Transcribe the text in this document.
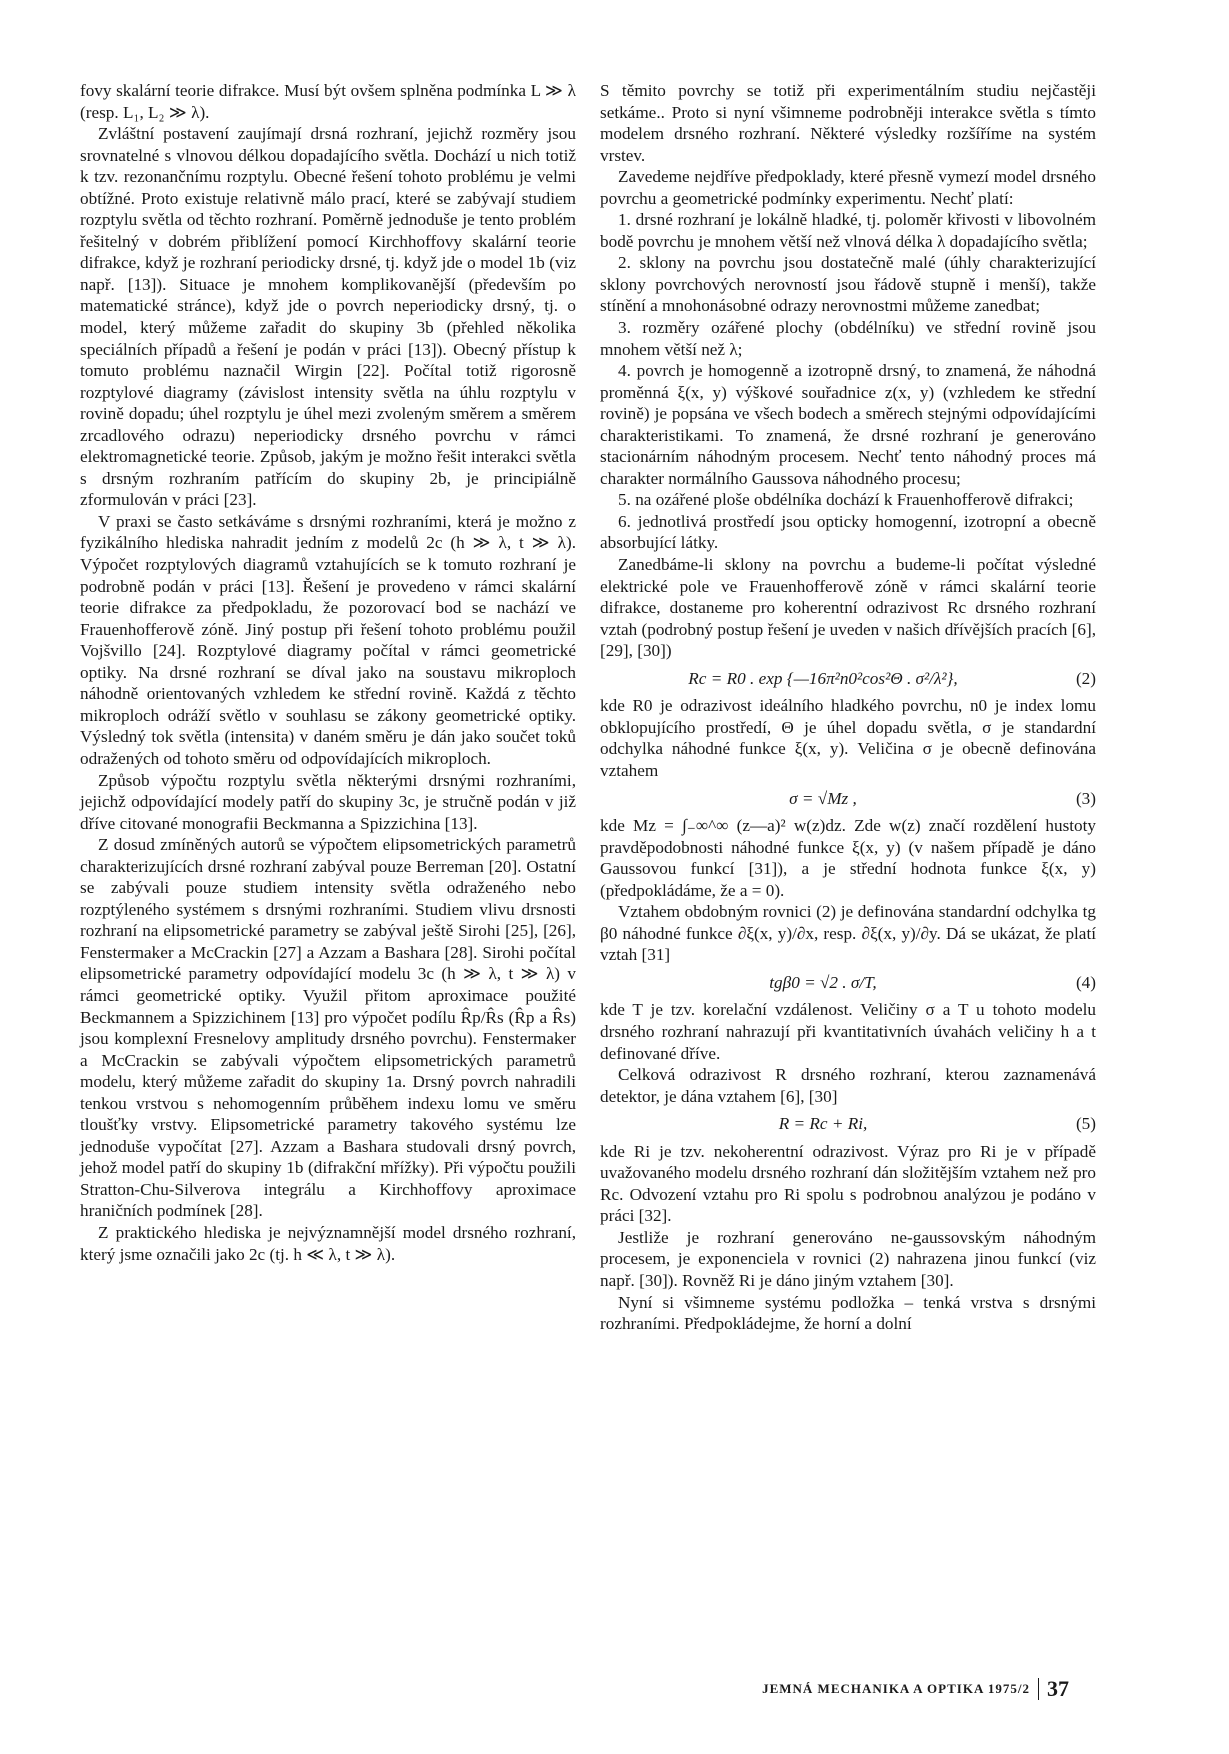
fovy skalární teorie difrakce. Musí být ovšem splněna podmínka L ≫ λ (resp. L₁, L₂ ≫ λ).

Zvláštní postavení zaujímají drsná rozhraní, jejichž rozměry jsou srovnatelné s vlnovou délkou dopadajícího světla. Dochází u nich totiž k tzv. rezonančnímu rozptylu. Obecné řešení tohoto problému je velmi obtížné. Proto existuje relativně málo prací, které se zabývají studiem rozptylu světla od těchto rozhraní. Poměrně jednoduše je tento problém řešitelný v dobrém přiblížení pomocí Kirchhoffovy skalární teorie difrakce, když je rozhraní periodicky drsné, tj. když jde o model 1b (viz např. [13]). Situace je mnohem komplikovanější (především po matematické stránce), když jde o povrch neperiodicky drsný, tj. o model, který můžeme zařadit do skupiny 3b (přehled několika speciálních případů a řešení je podán v práci [13]). Obecný přístup k tomuto problému naznačil Wirgin [22]. Počítal totiž rigorosně rozptylové diagramy (závislost intensity světla na úhlu rozptylu v rovině dopadu; úhel rozptylu je úhel mezi zvoleným směrem a směrem zrcadlového odrazu) neperiodicky drsného povrchu v rámci elektromagnetické teorie. Způsob, jakým je možno řešit interakci světla s drsným rozhraním patřícím do skupiny 2b, je principiálně zformulován v práci [23].

V praxi se často setkáváme s drsnými rozhraními, která je možno z fyzikálního hlediska nahradit jedním z modelů 2c (h ≫ λ, t ≫ λ). Výpočet rozptylových diagramů vztahujících se k tomuto rozhraní je podrobně podán v práci [13]. Řešení je provedeno v rámci skalární teorie difrakce za předpokladu, že pozorovací bod se nachází ve Frauenhofferově zóně. Jiný postup při řešení tohoto problému použil Vojšvillo [24]. Rozptylové diagramy počítal v rámci geometrické optiky. Na drsné rozhraní se díval jako na soustavu mikroploch náhodně orientovaných vzhledem ke střední rovině. Každá z těchto mikroploch odráží světlo v souhlasu se zákony geometrické optiky. Výsledný tok světla (intensita) v daném směru je dán jako součet toků odražených od tohoto směru od odpovídajících mikroploch.

Způsob výpočtu rozptylu světla některými drsnými rozhraními, jejichž odpovídající modely patří do skupiny 3c, je stručně podán v již dříve citované monografii Beckmanna a Spizzichina [13].

Z dosud zmíněných autorů se výpočtem elipsometrických parametrů charakterizujících drsné rozhraní zabýval pouze Berreman [20]. Ostatní se zabývali pouze studiem intensity světla odraženého nebo rozptýleného systémem s drsnými rozhraními. Studiem vlivu drsnosti rozhraní na elipsometrické parametry se zabýval ještě Sirohi [25], [26], Fenstermaker a McCrackin [27] a Azzam a Bashara [28]. Sirohi počítal elipsometrické parametry odpovídající modelu 3c (h ≫ λ, t ≫ λ) v rámci geometrické optiky. Využil přitom aproximace použité Beckmannem a Spizzichinem [13] pro výpočet podílu R̂p/R̂s (R̂p a R̂s) jsou komplexní Fresnelovy amplitudy drsného povrchu). Fenstermaker a McCrackin se zabývali výpočtem elipsometrických parametrů modelu, který můžeme zařadit do skupiny 1a. Drsný povrch nahradili tenkou vrstvou s nehomogenním průběhem indexu lomu ve směru tloušťky vrstvy. Elipsometrické parametry takového systému lze jednoduše vypočítat [27]. Azzam a Bashara studovali drsný povrch, jehož model patří do skupiny 1b (difrakční mřížky). Při výpočtu použili Stratton-Chu-Silverova integrálu a Kirchhoffovy aproximace hraničních podmínek [28].

Z praktického hlediska je nejvýznamnější model drsného rozhraní, který jsme označili jako 2c (tj. h ≪ λ, t ≫ λ).

S těmito povrchy se totiž při experimentálním studiu nejčastěji setkáme.. Proto si nyní všimneme podrobněji interakce světla s tímto modelem drsného rozhraní. Některé výsledky rozšíříme na systém vrstev.

Zavedeme nejdříve předpoklady, které přesně vymezí model drsného povrchu a geometrické podmínky experimentu. Nechť platí:

1. drsné rozhraní je lokálně hladké, tj. poloměr křivosti v libovolném bodě povrchu je mnohem větší než vlnová délka λ dopadajícího světla;

2. sklony na povrchu jsou dostatečně malé (úhly charakterizující sklony povrchových nerovností jsou řádově stupně i menší), takže stínění a mnohonásobné odrazy nerovnostmi můžeme zanedbat;

3. rozměry ozářené plochy (obdélníku) ve střední rovině jsou mnohem větší než λ;

4. povrch je homogenně a izotropně drsný, to znamená, že náhodná proměnná ξ(x, y) výškové souřadnice z(x, y) (vzhledem ke střední rovině) je popsána ve všech bodech a směrech stejnými odpovídajícími charakteristikami. To znamená, že drsné rozhraní je generováno stacionárním náhodným procesem. Nechť tento náhodný proces má charakter normálního Gaussova náhodného procesu;

5. na ozářené ploše obdélníka dochází k Frauenhofferově difrakci;

6. jednotlivá prostředí jsou opticky homogenní, izotropní a obecně absorbující látky.

Zanedbáme-li sklony na povrchu a budeme-li počítat výsledné elektrické pole ve Frauenhofferově zóně v rámci skalární teorie difrakce, dostaneme pro koherentní odrazivost Rc drsného rozhraní vztah (podrobný postup řešení je uveden v našich dřívějších pracích [6], [29], [30])

Rc = R0 . exp {—16π²n0²cos²Θ . σ²/λ²},	(2)

kde R0 je odrazivost ideálního hladkého povrchu, n0 je index lomu obklopujícího prostředí, Θ je úhel dopadu světla, σ je standardní odchylka náhodné funkce ξ(x, y). Veličina σ je obecně definována vztahem

σ = √Mz ,	(3)

kde Mz = ∫₋∞^∞ (z—a)² w(z)dz. Zde w(z) značí rozdělení hustoty pravděpodobnosti náhodné funkce ξ(x, y) (v našem případě je dáno Gaussovou funkcí [31]), a je střední hodnota funkce ξ(x, y) (předpokládáme, že a = 0).

Vztahem obdobným rovnici (2) je definována standardní odchylka tg β0 náhodné funkce ∂ξ(x, y)/∂x, resp. ∂ξ(x, y)/∂y. Dá se ukázat, že platí vztah [31]

tgβ0 = √2 . σ/T,	(4)

kde T je tzv. korelační vzdálenost. Veličiny σ a T u tohoto modelu drsného rozhraní nahrazují při kvantitativních úvahách veličiny h a t definované dříve.

Celková odrazivost R drsného rozhraní, kterou zaznamenává detektor, je dána vztahem [6], [30]

R = Rc + Ri,	(5)

kde Ri je tzv. nekoherentní odrazivost. Výraz pro Ri je v případě uvažovaného modelu drsného rozhraní dán složitějším vztahem než pro Rc. Odvození vztahu pro Ri spolu s podrobnou analýzou je podáno v práci [32].

Jestliže je rozhraní generováno ne-gaussovským náhodným procesem, je exponenciela v rovnici (2) nahrazena jinou funkcí (viz např. [30]). Rovněž Ri je dáno jiným vztahem [30].

Nyní si všimneme systému podložka – tenká vrstva s drsnými rozhraními. Předpokládejme, že horní a dolní

JEMNÁ MECHANIKA A OPTIKA 1975/2 37
